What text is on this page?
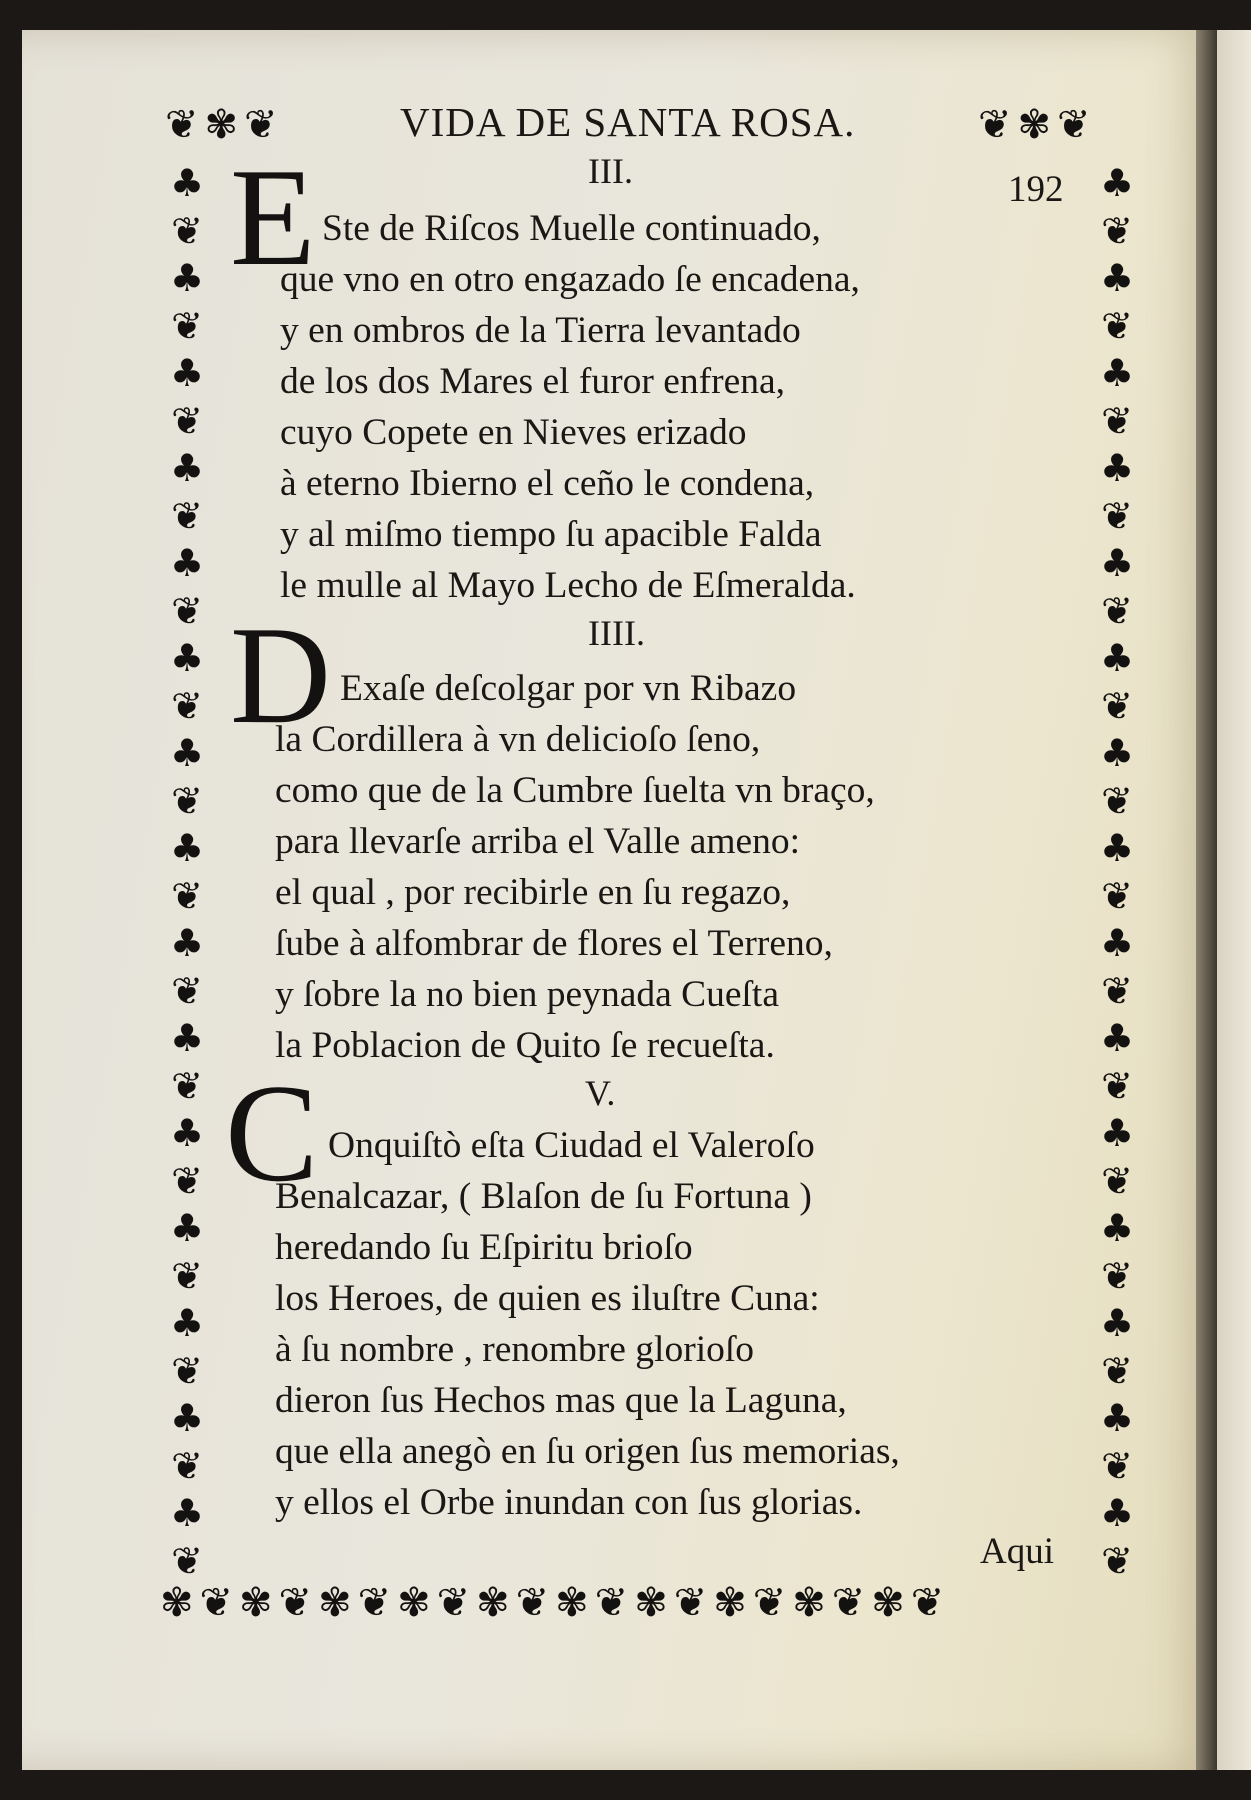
❦✾❦	❦✾❦
✾❦✾❦✾❦✾❦✾❦✾❦✾❦✾❦✾❦✾❦
♣
❦
♣
❦
♣
❦
♣
❦
♣
❦
♣
❦
♣
❦
♣
❦
♣
❦
♣
❦
♣
❦
♣
❦
♣
❦
♣
❦
♣
❦
♣
❦
♣
❦
♣
❦
♣
❦
♣
❦
♣
❦
♣
❦
♣
❦
♣
❦
♣
❦
♣
❦
♣
❦
♣
❦
♣
❦
♣
❦
VIDA DE SANTA ROSA.
192
III.
E Ste de Riſcos Muelle continuado,
que vno en otro engazado ſe encadena,
y en ombros de la Tierra levantado
de los dos Mares el furor enfrena,
cuyo Copete en Nieves erizado
à eterno Ibierno el ceño le condena,
y al miſmo tiempo ſu apacible Falda
le mulle al Mayo Lecho de Eſmeralda.
IIII.
D Exaſe deſcolgar por vn Ribazo
la Cordillera à vn delicioſo ſeno,
como que de la Cumbre ſuelta vn braço,
para llevarſe arriba el Valle ameno:
el qual , por recibirle en ſu regazo,
ſube à alfombrar de flores el Terreno,
y ſobre la no bien peynada Cueſta
la Poblacion de Quito ſe recueſta.
V.
C Onquiſtò eſta Ciudad el Valeroſo
Benalcazar, ( Blaſon de ſu Fortuna )
heredando ſu Eſpiritu brioſo
los Heroes, de quien es iluſtre Cuna:
à ſu nombre , renombre glorioſo
dieron ſus Hechos mas que la Laguna,
que ella anegò en ſu origen ſus memorias,
y ellos el Orbe inundan con ſus glorias.
Aqui
